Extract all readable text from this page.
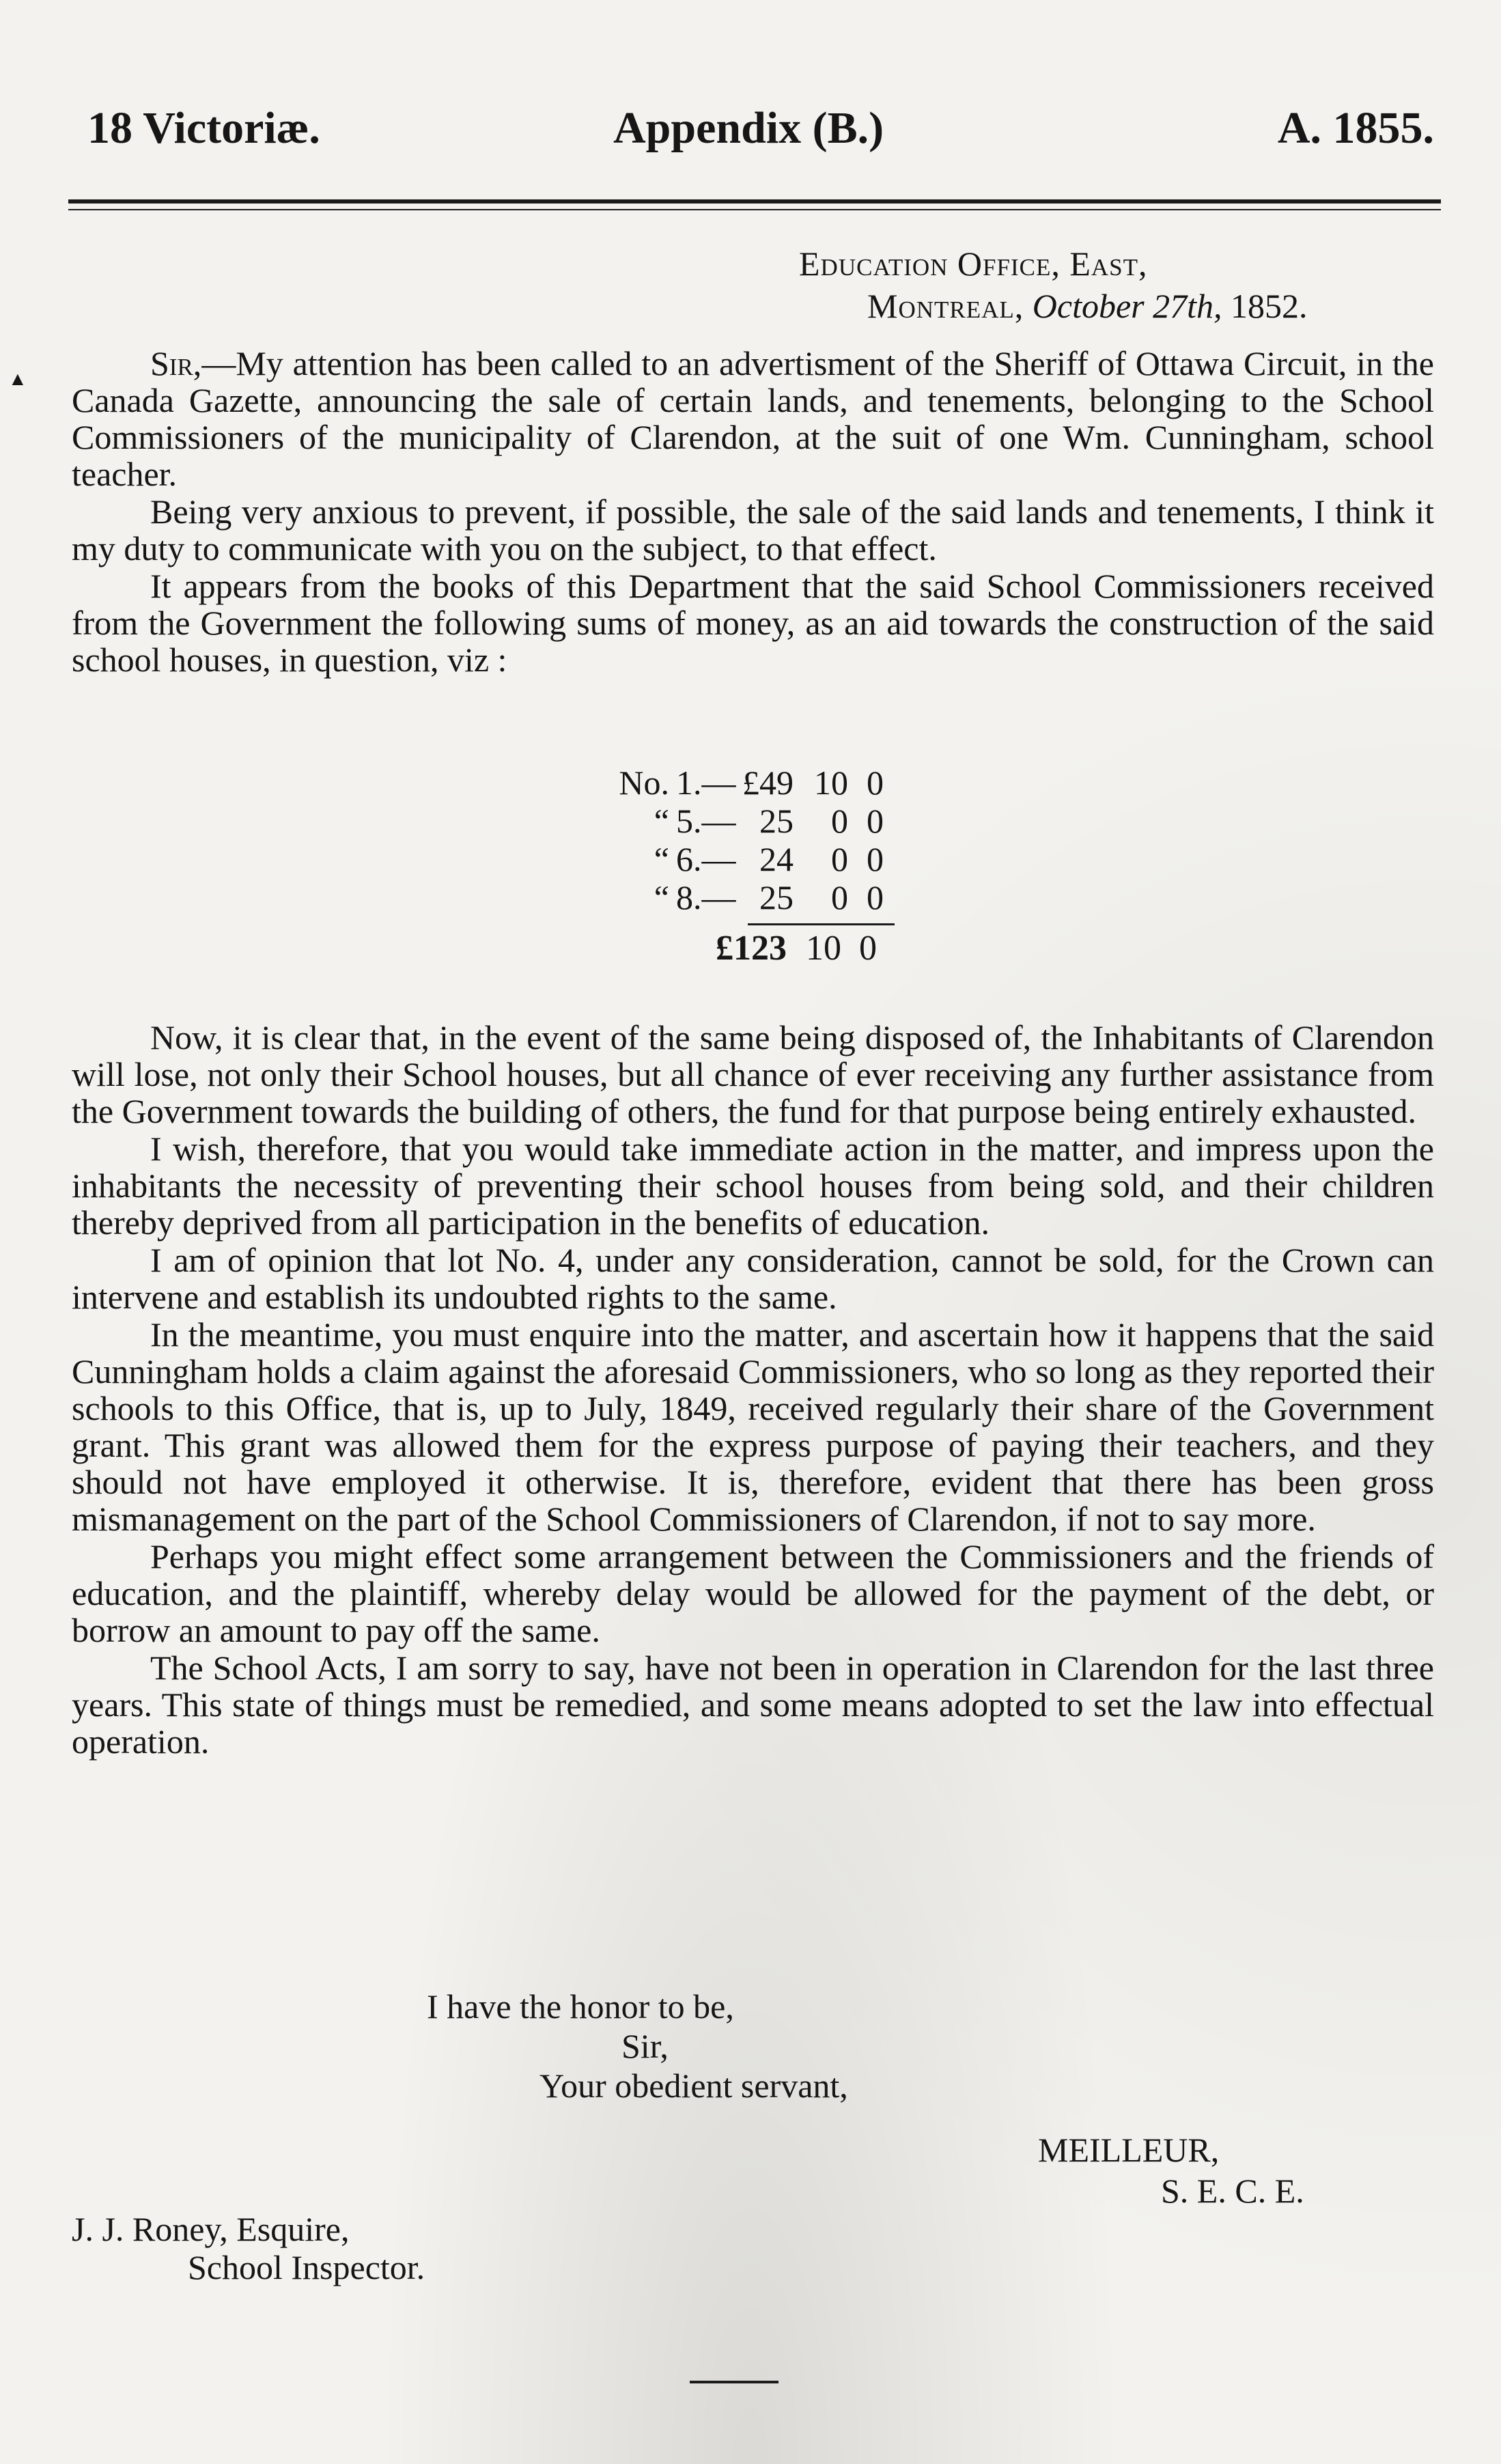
18 Victoriæ.	Appendix (B.)	A. 1855.
Education Office, East,
Montreal, October 27th, 1852.
▲	Sir,—My attention has been called to an advertisment of the Sheriff of Ottawa Circuit, in the Canada Gazette, announcing the sale of certain lands, and tenements, belonging to the School Commissioners of the municipality of Clarendon, at the suit of one Wm. Cunningham, school teacher.

Being very anxious to prevent, if possible, the sale of the said lands and tenements, I think it my duty to communicate with you on the subject, to that effect.

It appears from the books of this Department that the said School Commissioners received from the Government the following sums of money, as an aid towards the construction of the said school houses, in question, viz :

No. 1.— £49 10 0
“ 5.— 25	0 0
“ 6.— 24	0 0
“ 8.— 25	0 0
£123 10 0

Now, it is clear that, in the event of the same being disposed of, the Inhabitants of Clarendon will lose, not only their School houses, but all chance of ever receiving any further assistance from the Government towards the building of others, the fund for that purpose being entirely exhausted.

I wish, therefore, that you would take immediate action in the matter, and impress upon the inhabitants the necessity of preventing their school houses from being sold, and their children thereby deprived from all participation in the benefits of education.

I am of opinion that lot No. 4, under any consideration, cannot be sold, for the Crown can intervene and establish its undoubted rights to the same.

In the meantime, you must enquire into the matter, and ascertain how it happens that the said Cunningham holds a claim against the aforesaid Commissioners, who so long as they reported their schools to this Office, that is, up to July, 1849, received regularly their share of the Government grant. This grant was allowed them for the express purpose of paying their teachers, and they should not have employed it otherwise. It is, therefore, evident that there has been gross mismanagement on the part of the School Commissioners of Clarendon, if not to say more.

Perhaps you might effect some arrangement between the Commissioners and the friends of education, and the plaintiff, whereby delay would be allowed for the payment of the debt, or borrow an amount to pay off the same.

The School Acts, I am sorry to say, have not been in operation in Clarendon for the last three years. This state of things must be remedied, and some means adopted to set the law into effectual operation.

I have the honor to be,
Sir,
Your obedient servant,
MEILLEUR,
S. E. C. E.
J. J. Roney, Esquire,
School Inspector.
